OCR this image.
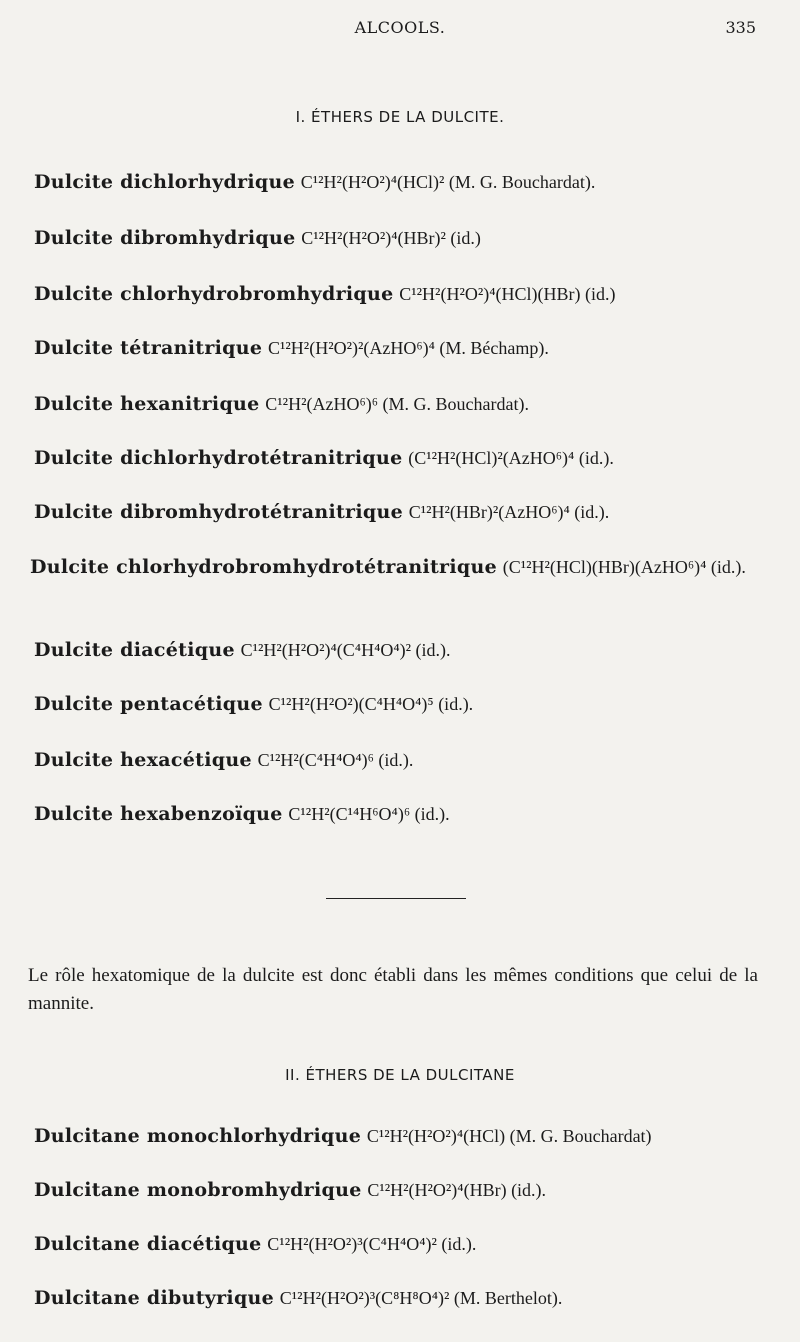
ALCOOLS.	335
I. ÉTHERS DE LA DULCITE.
Dulcite dichlorhydrique C¹²H²(H²O²)⁴(HCl)² (M. G. Bouchardat).
Dulcite dibromhydrique C¹²H²(H²O²)⁴(HBr)² (id.)
Dulcite chlorhydrobromhydrique C¹²H²(H²O²)⁴(HCl)(HBr) (id.)
Dulcite tétranitrique C¹²H²(H²O²)²(AzHO⁶)⁴ (M. Béchamp).
Dulcite hexanitrique C¹²H²(AzHO⁶)⁶ (M. G. Bouchardat).
Dulcite dichlorhydrotétranitrique (C¹²H²(HCl)²(AzHO⁶)⁴ (id.).
Dulcite dibromhydrotétranitrique C¹²H²(HBr)²(AzHO⁶)⁴ (id.).
Dulcite chlorhydrobromhydrotétranitrique (C¹²H²(HCl)(HBr)(AzHO⁶)⁴ (id.).
Dulcite diacétique C¹²H²(H²O²)⁴(C⁴H⁴O⁴)² (id.).
Dulcite pentacétique C¹²H²(H²O²)(C⁴H⁴O⁴)⁵ (id.).
Dulcite hexacétique C¹²H²(C⁴H⁴O⁴)⁶ (id.).
Dulcite hexabenzoïque C¹²H²(C¹⁴H⁶O⁴)⁶ (id.).
Le rôle hexatomique de la dulcite est donc établi dans les mêmes conditions que celui de la mannite.
II. ÉTHERS DE LA DULCITANE
Dulcitane monochlorhydrique C¹²H²(H²O²)⁴(HCl) (M. G. Bouchardat)
Dulcitane monobromhydrique C¹²H²(H²O²)⁴(HBr) (id.).
Dulcitane diacétique C¹²H²(H²O²)³(C⁴H⁴O⁴)² (id.).
Dulcitane dibutyrique C¹²H²(H²O²)³(C⁸H⁸O⁴)² (M. Berthelot).
